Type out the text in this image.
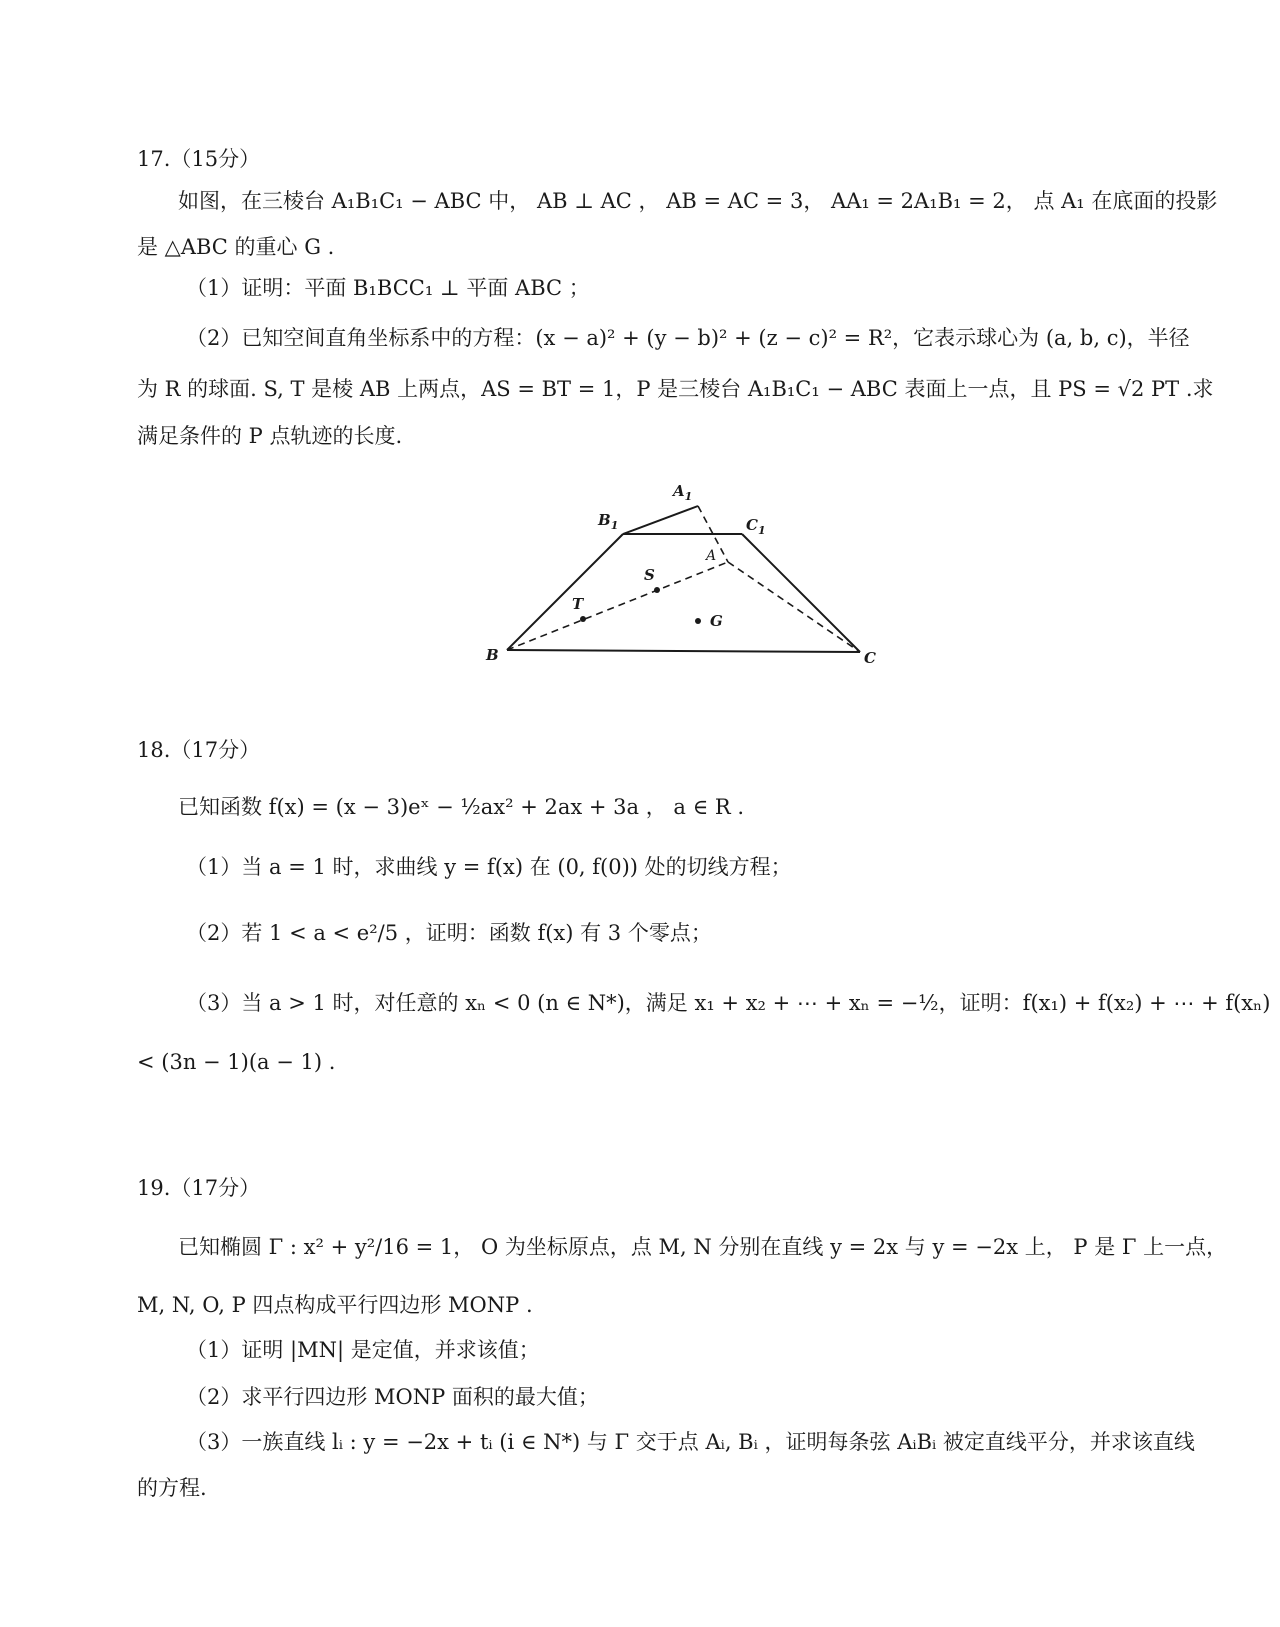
17.（15分）
如图，在三棱台 A₁B₁C₁ − ABC 中， AB ⊥ AC ， AB = AC = 3， AA₁ = 2A₁B₁ = 2， 点 A₁ 在底面的投影
是 △ABC 的重心 G .
（1）证明：平面 B₁BCC₁ ⊥ 平面 ABC ；
（2）已知空间直角坐标系中的方程：(x − a)² + (y − b)² + (z − c)² = R²，它表示球心为 (a, b, c)，半径
为 R 的球面. S, T 是棱 AB 上两点，AS = BT = 1，P 是三棱台 A₁B₁C₁ − ABC 表面上一点，且 PS = √2 PT .求
满足条件的 P 点轨迹的长度.
$A_1$
$B_1$	$C_1$
A
S
T
G
B	C
18.（17分）
已知函数 f(x) = (x − 3)eˣ − ½ax² + 2ax + 3a ， a ∈ R .
（1）当 a = 1 时，求曲线 y = f(x) 在 (0, f(0)) 处的切线方程；
（2）若 1 < a < e²/5 ，证明：函数 f(x) 有 3 个零点；
（3）当 a > 1 时，对任意的 xₙ < 0 (n ∈ N*)，满足 x₁ + x₂ + ⋯ + xₙ = −½，证明：f(x₁) + f(x₂) + ⋯ + f(xₙ)
< (3n − 1)(a − 1) .
19.（17分）
已知椭圆 Γ : x² + y²/16 = 1， O 为坐标原点，点 M, N 分别在直线 y = 2x 与 y = −2x 上， P 是 Γ 上一点，
M, N, O, P 四点构成平行四边形 MONP .
（1）证明 |MN| 是定值，并求该值；
（2）求平行四边形 MONP 面积的最大值；
（3）一族直线 lᵢ : y = −2x + tᵢ (i ∈ N*) 与 Γ 交于点 Aᵢ, Bᵢ ，证明每条弦 AᵢBᵢ 被定直线平分，并求该直线
的方程.
